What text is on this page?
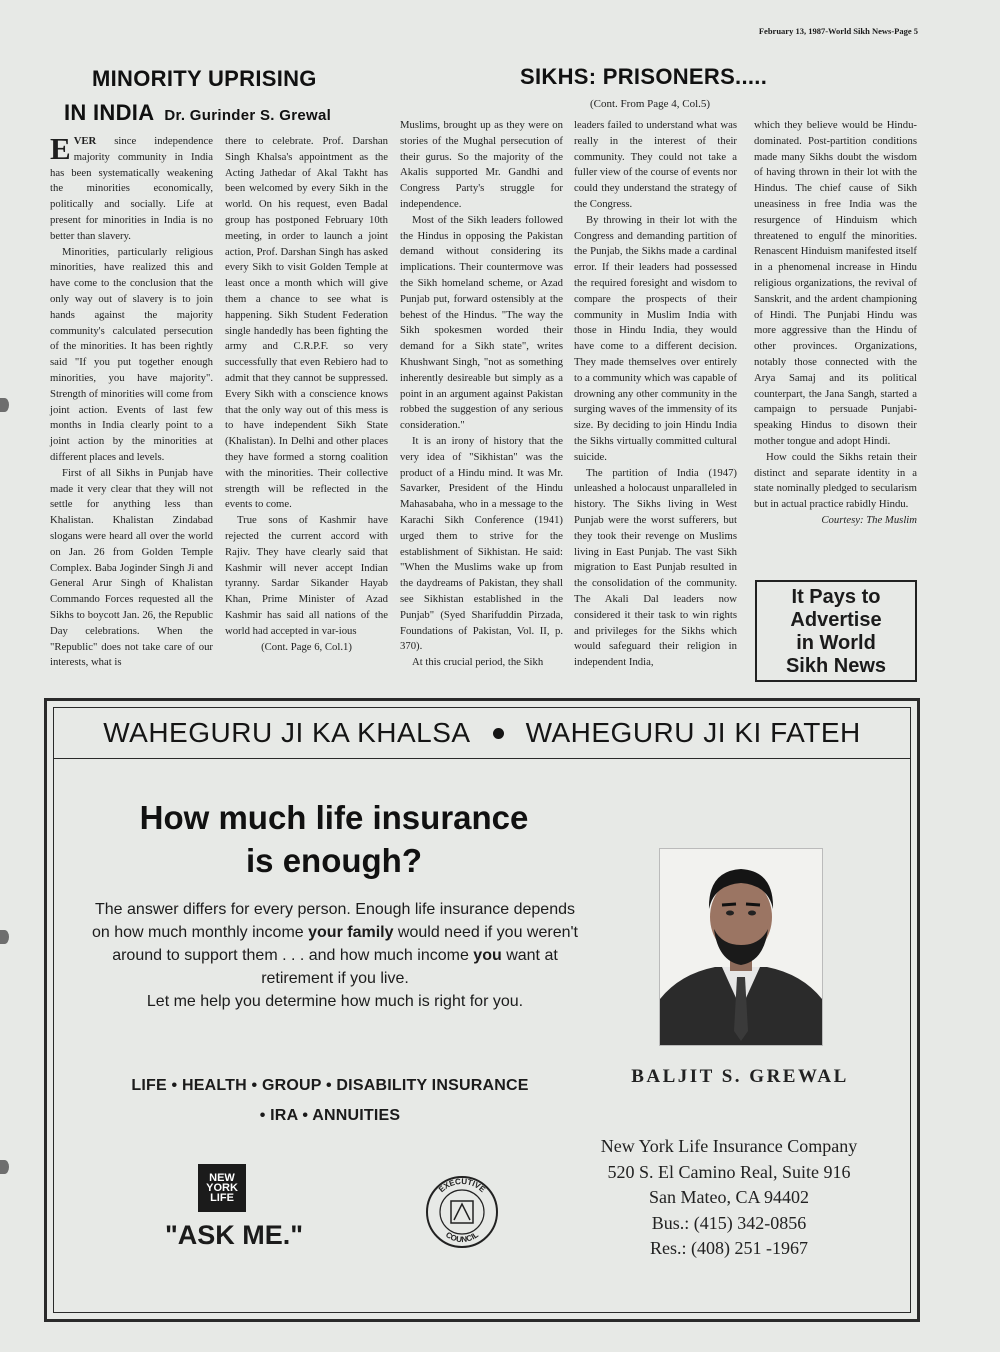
February 13, 1987-World Sikh News-Page 5
MINORITY UPRISING
IN INDIA Dr. Gurinder S. Grewal
SIKHS: PRISONERS.....
(Cont. From Page 4, Col.5)

EVER since independence majority community in India has been systematically weakening the minorities economically, politically and socially. Life at present for minorities in India is no better than slavery.

Minorities, particularly religious minorities, have realized this and have come to the conclusion that the only way out of slavery is to join hands against the majority community's calculated persecution of the minorities. It has been rightly said "If you put together enough minorities, you have majority". Strength of minorities will come from joint action. Events of last few months in India clearly point to a joint action by the minorities at different places and levels.

First of all Sikhs in Punjab have made it very clear that they will not settle for anything less than Khalistan. Khalistan Zindabad slogans were heard all over the world on Jan. 26 from Golden Temple Complex. Baba Joginder Singh Ji and General Arur Singh of Khalistan Commando Forces requested all the Sikhs to boycott Jan. 26, the Republic Day celebrations. When the "Republic" does not take care of our interests, what is

there to celebrate. Prof. Darshan Singh Khalsa's appointment as the Acting Jathedar of Akal Takht has been welcomed by every Sikh in the world. On his request, even Badal group has postponed February 10th meeting, in order to launch a joint action, Prof. Darshan Singh has asked every Sikh to visit Golden Temple at least once a month which will give them a chance to see what is happening. Sikh Student Federation single handedly has been fighting the army and C.R.P.F. so very successfully that even Rebiero had to admit that they cannot be suppressed. Every Sikh with a conscience knows that the only way out of this mess is to have independent Sikh State (Khalistan). In Delhi and other places they have formed a storng coalition with the minorities. Their collective strength will be reflected in the events to come.

True sons of Kashmir have rejected the current accord with Rajiv. They have clearly said that Kashmir will never accept Indian tyranny. Sardar Sikander Hayab Khan, Prime Minister of Azad Kashmir has said all nations of the world had accepted in var-ious

(Cont. Page 6, Col.1)

Muslims, brought up as they were on stories of the Mughal persecution of their gurus. So the majority of the Akalis supported Mr. Gandhi and Congress Party's struggle for independence.

Most of the Sikh leaders followed the Hindus in opposing the Pakistan demand without considering its implications. Their countermove was the Sikh homeland scheme, or Azad Punjab put, forward ostensibly at the behest of the Hindus. "The way the Sikh spokesmen worded their demand for a Sikh state", writes Khushwant Singh, "not as something inherently desireable but simply as a point in an argument against Pakistan robbed the suggestion of any serious consideration."

It is an irony of history that the very idea of "Sikhistan" was the product of a Hindu mind. It was Mr. Savarker, President of the Hindu Mahasabaha, who in a message to the Karachi Sikh Conference (1941) urged them to strive for the establishment of Sikhistan. He said: "When the Muslims wake up from the daydreams of Pakistan, they shall see Sikhistan established in the Punjab" (Syed Sharifuddin Pirzada, Foundations of Pakistan, Vol. II, p. 370).

At this crucial period, the Sikh

leaders failed to understand what was really in the interest of their community. They could not take a fuller view of the course of events nor could they understand the strategy of the Congress.

By throwing in their lot with the Congress and demanding partition of the Punjab, the Sikhs made a cardinal error. If their leaders had possessed the required foresight and wisdom to compare the prospects of their community in Muslim India with those in Hindu India, they would have come to a different decision. They made themselves over entirely to a community which was capable of drowning any other community in the surging waves of the immensity of its size. By deciding to join Hindu India the Sikhs virtually committed cultural suicide.

The partition of India (1947) unleashed a holocaust unparalleled in history. The Sikhs living in West Punjab were the worst sufferers, but they took their revenge on Muslims living in East Punjab. The vast Sikh migration to East Punjab resulted in the consolidation of the community. The Akali Dal leaders now considered it their task to win rights and privileges for the Sikhs which would safeguard their religion in independent India,

which they believe would be Hindu-dominated. Post-partition conditions made many Sikhs doubt the wisdom of having thrown in their lot with the Hindus. The chief cause of Sikh uneasiness in free India was the resurgence of Hinduism which threatened to engulf the minorities. Renascent Hinduism manifested itself in a phenomenal increase in Hindu religious organizations, the revival of Sanskrit, and the ardent championing of Hindi. The Punjabi Hindu was more aggressive than the Hindu of other provinces. Organizations, notably those connected with the Arya Samaj and its political counterpart, the Jana Sangh, started a campaign to persuade Punjabi-speaking Hindus to disown their mother tongue and adopt Hindi.

How could the Sikhs retain their distinct and separate identity in a state nominally pledged to secularism but in actual practice rabidly Hindu.

Courtesy: The Muslim

It Pays to
Advertise
in World
Sikh News
WAHEGURU JI KA KHALSA WAHEGURU JI KI FATEH
How much life insurance
is enough?
The answer differs for every person. Enough life insurance depends on how much monthly income your family would need if you weren't around to support them . . . and how much income you want at retirement if you live.
Let me help you determine how much is right for you.
LIFE • HEALTH • GROUP • DISABILITY INSURANCE
• IRA • ANNUITIES
NEW
YORK
LIFE
"ASK ME."
EXECUTIVE
COUNCIL
BALJIT S. GREWAL
New York Life Insurance Company
520 S. El Camino Real, Suite 916
San Mateo, CA 94402
Bus.: (415) 342-0856
Res.: (408) 251 -1967
